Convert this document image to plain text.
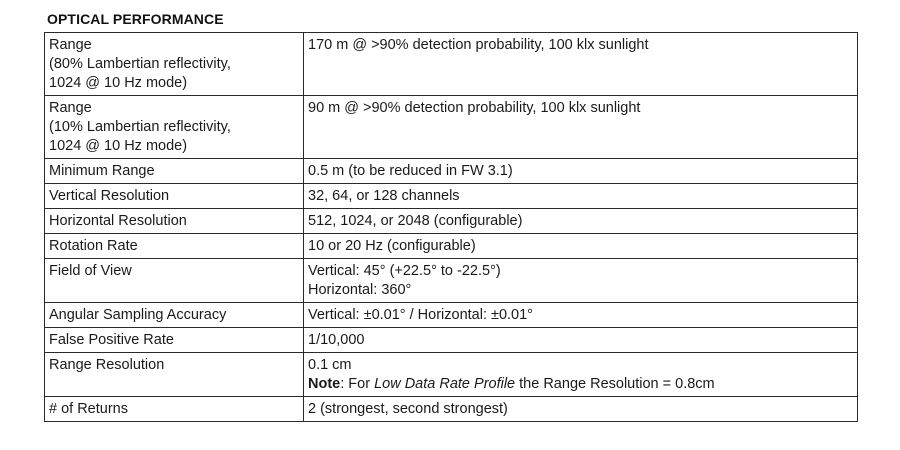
OPTICAL PERFORMANCE
Range
(80% Lambertian reflectivity,
1024 @ 10 Hz mode)	170 m @ >90% detection probability, 100 klx sunlight

Range
(10% Lambertian reflectivity,
1024 @ 10 Hz mode)	90 m @ >90% detection probability, 100 klx sunlight

Minimum Range	0.5 m (to be reduced in FW 3.1)

Vertical Resolution	32, 64, or 128 channels

Horizontal Resolution	512, 1024, or 2048 (configurable)

Rotation Rate	10 or 20 Hz (configurable)

Field of View	Vertical: 45° (+22.5° to -22.5°)
Horizontal: 360°

Angular Sampling Accuracy	Vertical: ±0.01° / Horizontal: ±0.01°

False Positive Rate	1/10,000

Range Resolution	0.1 cm
Note: For Low Data Rate Profile the Range Resolution = 0.8cm

# of Returns	2 (strongest, second strongest)
